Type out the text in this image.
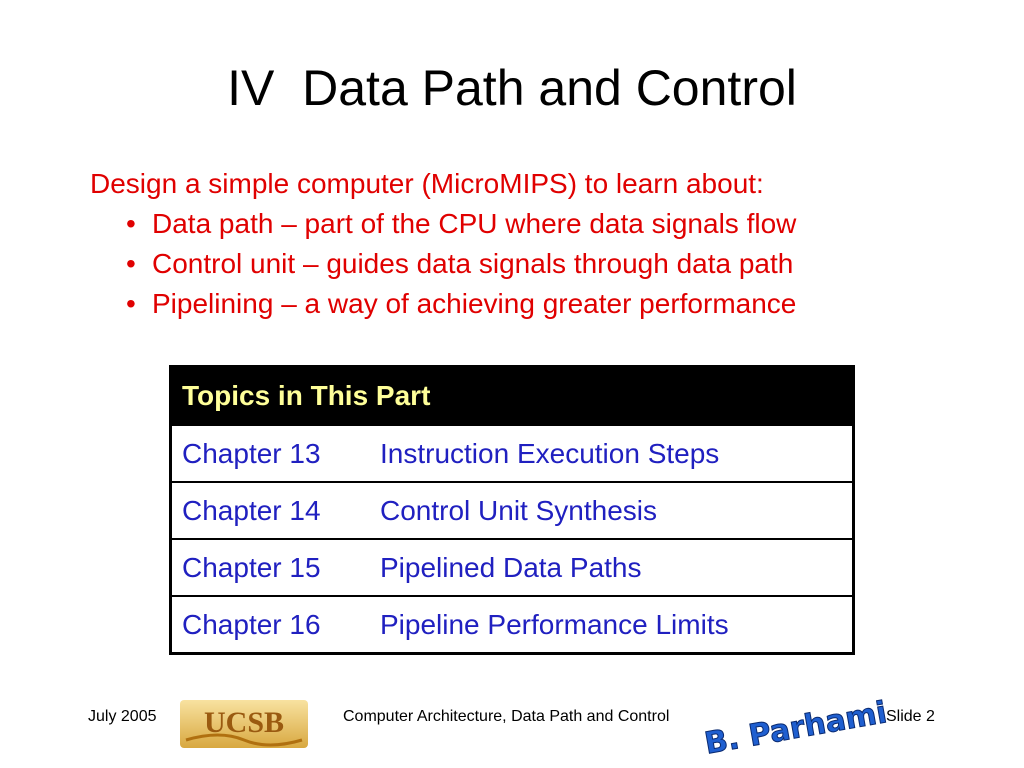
IV  Data Path and Control
Design a simple computer (MicroMIPS) to learn about:
• Data path – part of the CPU where data signals flow
• Control unit – guides data signals through data path
• Pipelining – a way of achieving greater performance
Topics in This Part
Chapter 13 Instruction Execution Steps
Chapter 14 Control Unit Synthesis
Chapter 15 Pipelined Data Paths
Chapter 16 Pipeline Performance Limits
July 2005 UCSB	Computer Architecture, Data Path and Control B. Parhami
Slide 2
